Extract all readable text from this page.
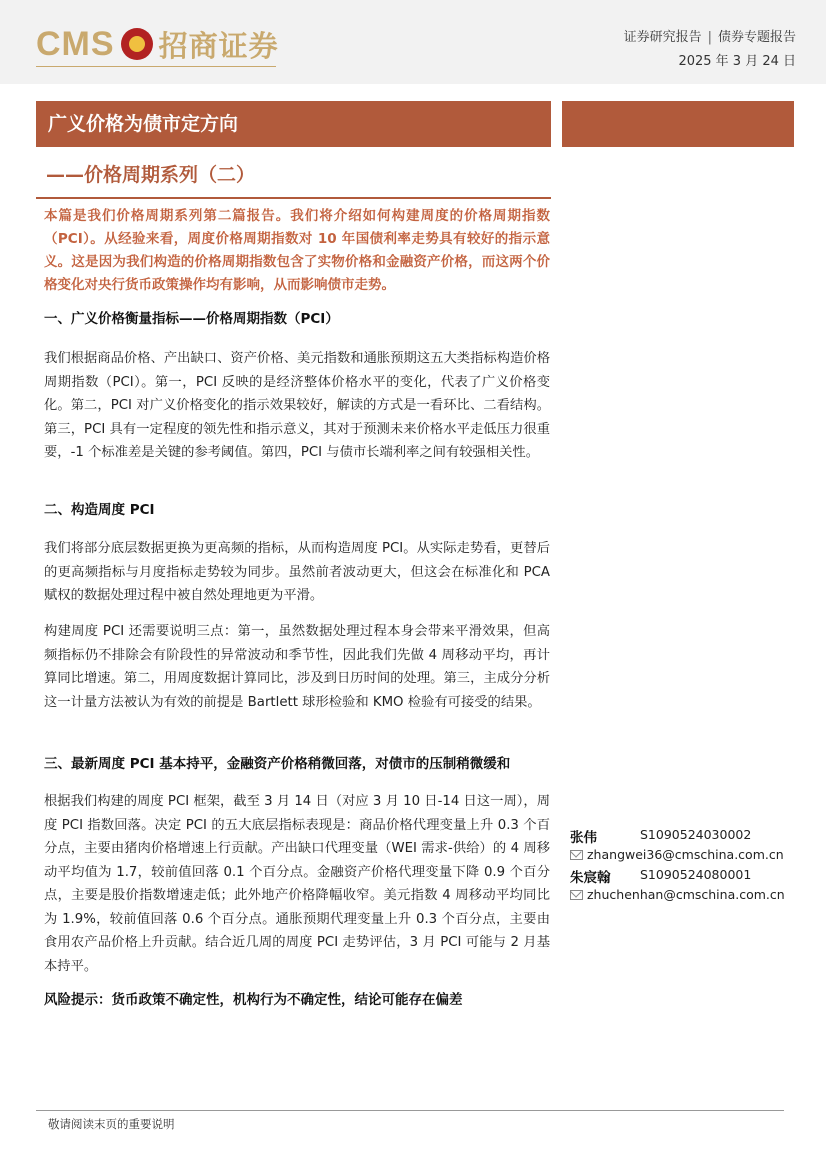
CMS 招商证券	证券研究报告 | 债券专题报告
2025 年 3 月 24 日
广义价格为债市定方向
——价格周期系列（二）
本篇是我们价格周期系列第二篇报告。我们将介绍如何构建周度的价格周期指数（PCI）。从经验来看，周度价格周期指数对 10 年国债利率走势具有较好的指示意义。这是因为我们构造的价格周期指数包含了实物价格和金融资产价格，而这两个价格变化对央行货币政策操作均有影响，从而影响债市走势。
一、广义价格衡量指标——价格周期指数（PCI）
我们根据商品价格、产出缺口、资产价格、美元指数和通胀预期这五大类指标构造价格周期指数（PCI）。第一，PCI 反映的是经济整体价格水平的变化，代表了广义价格变化。第二，PCI 对广义价格变化的指示效果较好，解读的方式是一看环比、二看结构。第三，PCI 具有一定程度的领先性和指示意义，其对于预测未来价格水平走低压力很重要，-1 个标准差是关键的参考阈值。第四，PCI 与债市长端利率之间有较强相关性。
二、构造周度 PCI
我们将部分底层数据更换为更高频的指标，从而构造周度 PCI。从实际走势看，更替后的更高频指标与月度指标走势较为同步。虽然前者波动更大，但这会在标准化和 PCA 赋权的数据处理过程中被自然处理地更为平滑。
构建周度 PCI 还需要说明三点：第一，虽然数据处理过程本身会带来平滑效果，但高频指标仍不排除会有阶段性的异常波动和季节性，因此我们先做 4 周移动平均，再计算同比增速。第二，用周度数据计算同比，涉及到日历时间的处理。第三，主成分分析这一计量方法被认为有效的前提是 Bartlett 球形检验和 KMO 检验有可接受的结果。
三、最新周度 PCI 基本持平，金融资产价格稍微回落，对债市的压制稍微缓和
根据我们构建的周度 PCI 框架，截至 3 月 14 日（对应 3 月 10 日-14 日这一周），周度 PCI 指数回落。决定 PCI 的五大底层指标表现是：商品价格代理变量上升 0.3 个百分点，主要由猪肉价格增速上行贡献。产出缺口代理变量（WEI 需求-供给）的 4 周移动平均值为 1.7，较前值回落 0.1 个百分点。金融资产价格代理变量下降 0.9 个百分点，主要是股价指数增速走低；此外地产价格降幅收窄。美元指数 4 周移动平均同比为 1.9%，较前值回落 0.6 个百分点。通胀预期代理变量上升 0.3 个百分点，主要由食用农产品价格上升贡献。结合近几周的周度 PCI 走势评估，3 月 PCI 可能与 2 月基本持平。
风险提示：货币政策不确定性，机构行为不确定性，结论可能存在偏差
张伟	S1090524030002
zhangwei36@cmschina.com.cn
朱宸翰 S1090524080001
zhuchenhan@cmschina.com.cn
敬请阅读末页的重要说明
